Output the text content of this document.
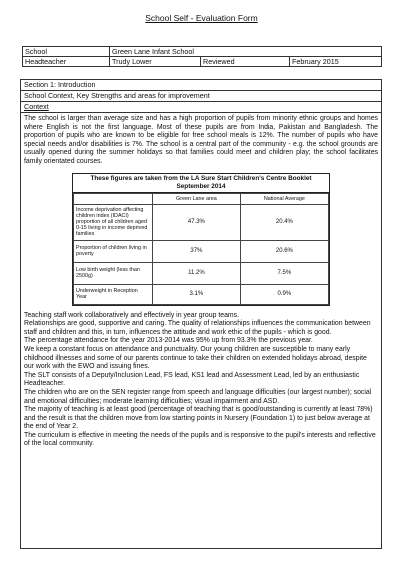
School Self - Evaluation Form
School	Green Lane Infant School		
Headteacher	Trudy Lower	Reviewed	February 2015
Section 1: Introduction
School Context, Key Strengths and areas for improvement
Context
The school is larger than average size and has a high proportion of pupils from minority ethnic groups and homes where English is not the first language. Most of these pupils are from India, Pakistan and Bangladesh. The proportion of pupils who are known to be eligible for free school meals is 12%. The number of pupils who have special needs and/or disabilities is 7%. The school is a central part of the community - e.g. the school grounds are usually opened during the summer holidays so that families could meet and children play; the school facilitates family orientated courses.
These figures are taken from the LA Sure Start Children's Centre Booklet September 2014
	Green Lane area	National Average
Income deprivation affecting children index (IDACI) proportion of all children aged 0-15 living in income deprived families	47.3%	20.4%
Proportion of children living in poverty	37%	20.6%
Low birth weight (less than 2500g)	11.2%	7.5%
Underweight in Reception Year	3.1%	0.9%
Teaching staff work collaboratively and effectively in year group teams.
Relationships are good, supportive and caring. The quality of relationships influences the communication between staff and children and this, in turn, influences the attitude and work ethic of the pupils - which is good.
The percentage attendance for the year 2013-2014 was 95% up from 93.3% the previous year.
We keep a constant focus on attendance and punctuality. Our young children are susceptible to many early childhood illnesses and some of our parents continue to take their children on extended holidays abroad, despite our work with the EWO and issuing fines.
The SLT consists of a Deputy/Inclusion Lead, FS lead, KS1 lead and Assessment Lead, led by an enthusiastic Headteacher.
The children who are on the SEN register range from speech and language difficulties (our largest number); social and emotional difficulties; moderate learning difficulties; visual impairment and ASD.
The majority of teaching is at least good (percentage of teaching that is good/outstanding is currently at least 78%) and the result is that the children move from low starting points in Nursery (Foundation 1) to just below average at the end of Year 2.
The curriculum is effective in meeting the needs of the pupils and is responsive to the pupil's interests and reflective of the local community.
